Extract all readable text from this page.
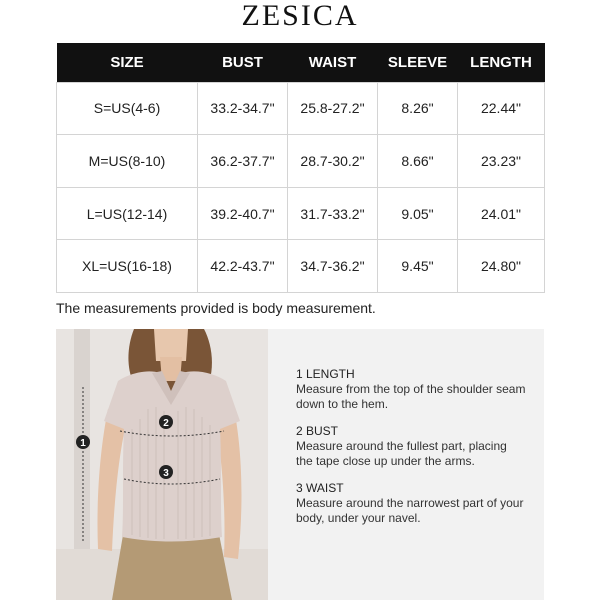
ZESICA
SIZE	BUST	WAIST	SLEEVE	LENGTH
S=US(4-6)	33.2-34.7"	25.8-27.2"	8.26"	22.44"
M=US(8-10)	36.2-37.7"	28.7-30.2"	8.66"	23.23"
L=US(12-14)	39.2-40.7"	31.7-33.2"	9.05"	24.01"
XL=US(16-18)	42.2-43.7"	34.7-36.2"	9.45"	24.80"
The measurements provided is body measurement.
1
2
3
1 LENGTH
Measure from the top of the shoulder seam down to the hem.
2 BUST
Measure around the fullest part, placing the tape close up under the arms.
3 WAIST
Measure around the narrowest part of your body, under your navel.
